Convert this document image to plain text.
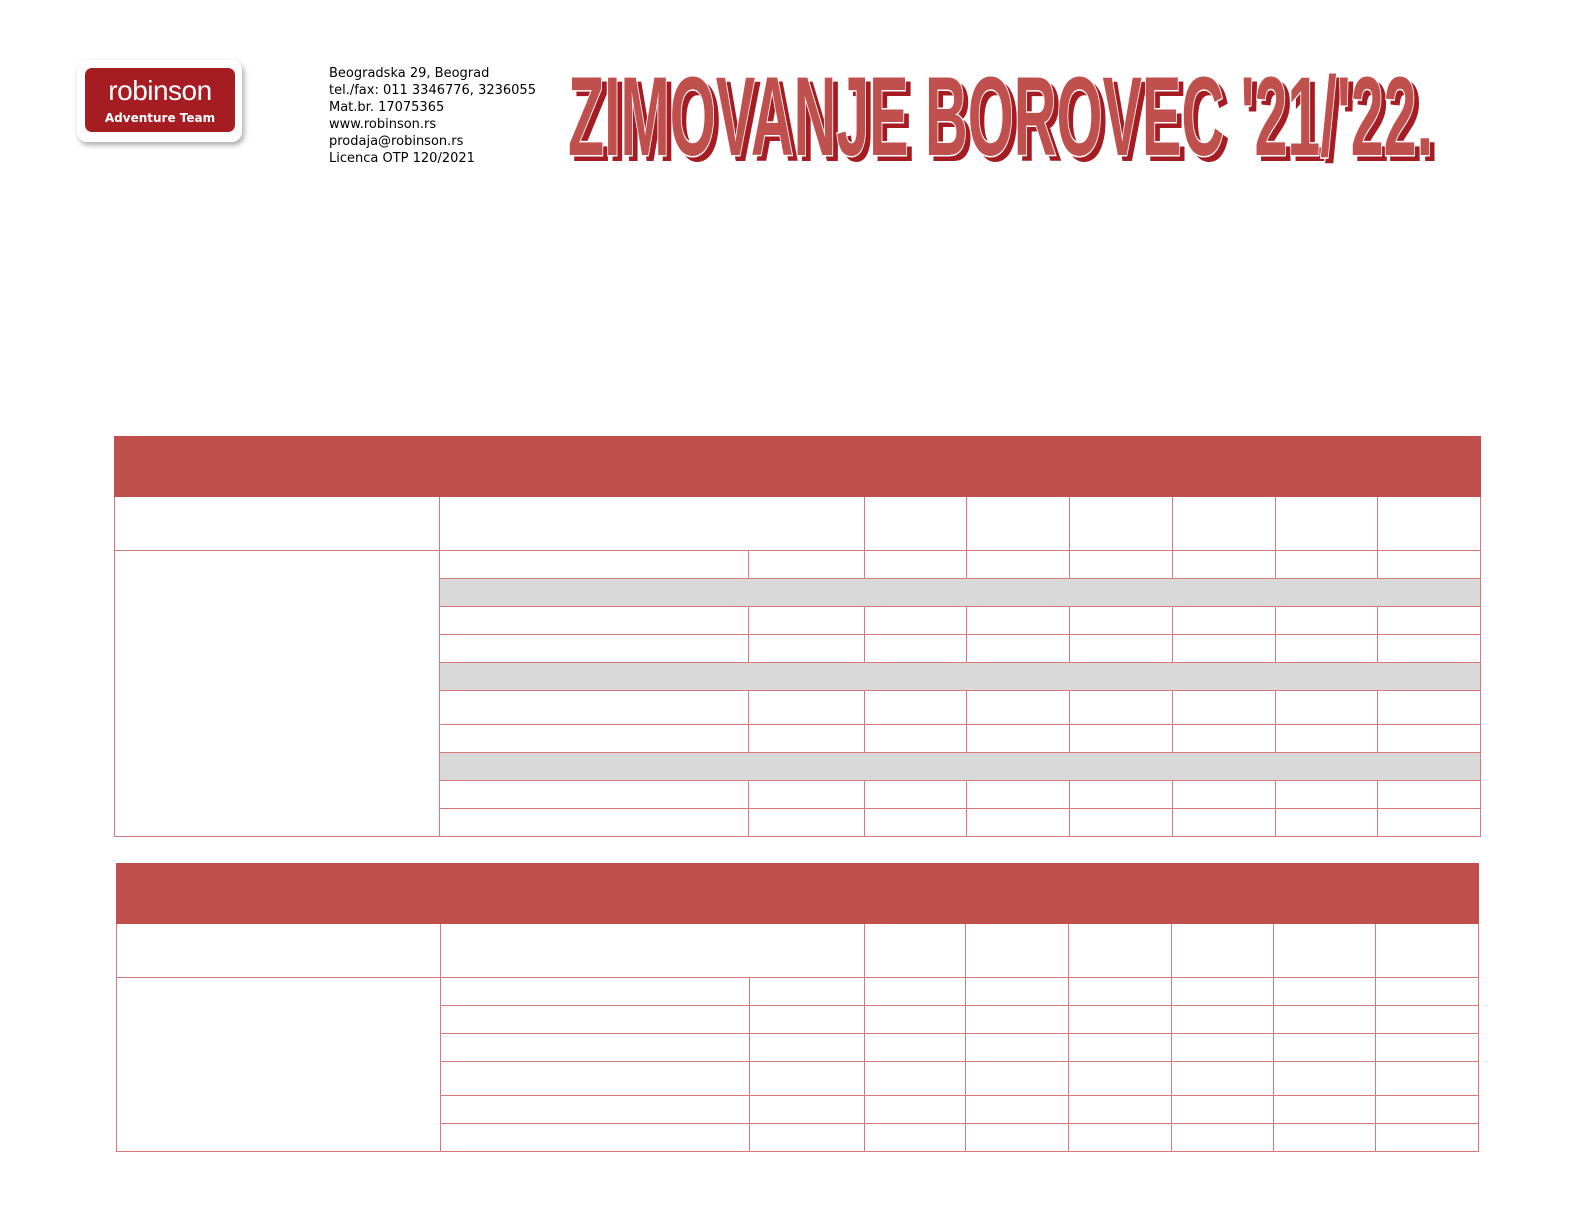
robinson
Adventure Team
Beogradska 29, Beograd
tel./fax: 011 3346776, 3236055
Mat.br. 17075365
www.robinson.rs
prodaja@robinson.rs
Licenca OTP 120/2021 ZIMOVANJE BOROVEC '21/'22.
ZIMOVANJE BOROVEC '21/'22.
